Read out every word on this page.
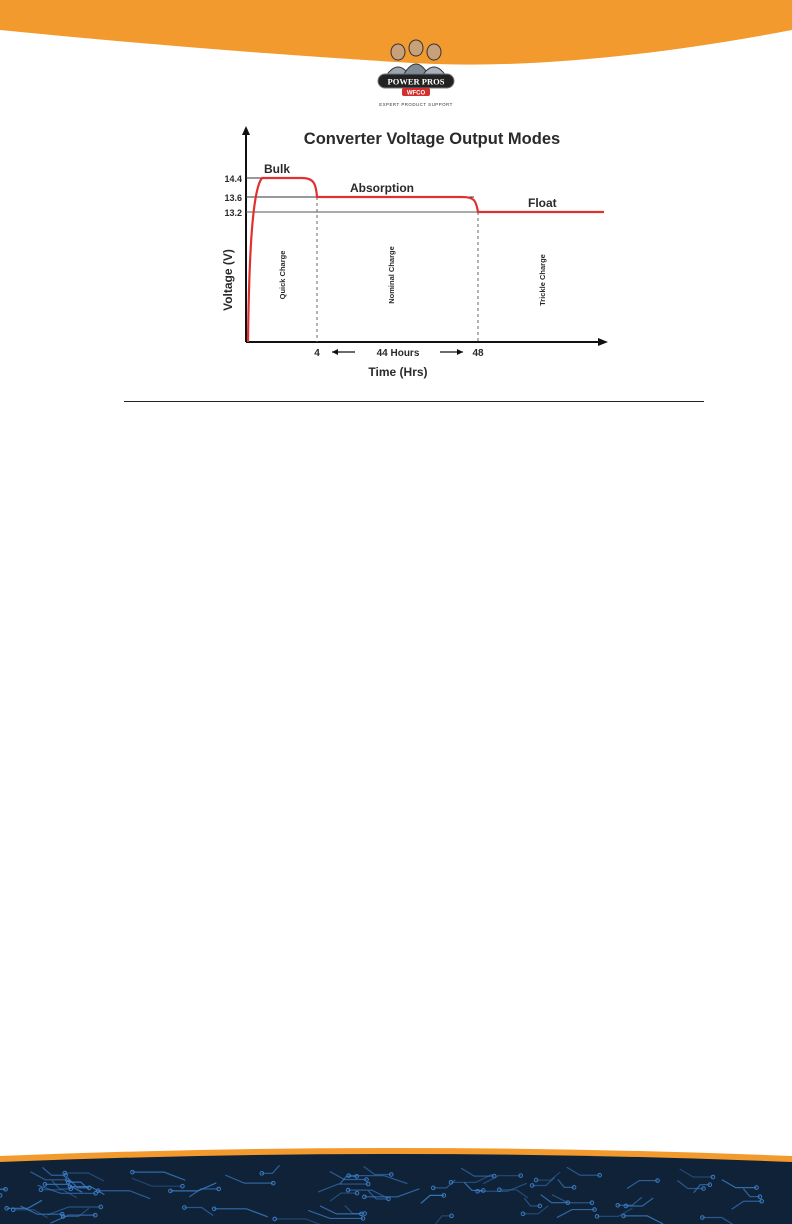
POWER PROS
WFCO
EXPERT PRODUCT SUPPORT
Converter Voltage Output Modes
14.4
13.6
13.2
Bulk
Absorption
Float
Quick Charge	Nominal Charge	Trickle Charge
Voltage (V)
4	48
44 Hours
Time (Hrs)
